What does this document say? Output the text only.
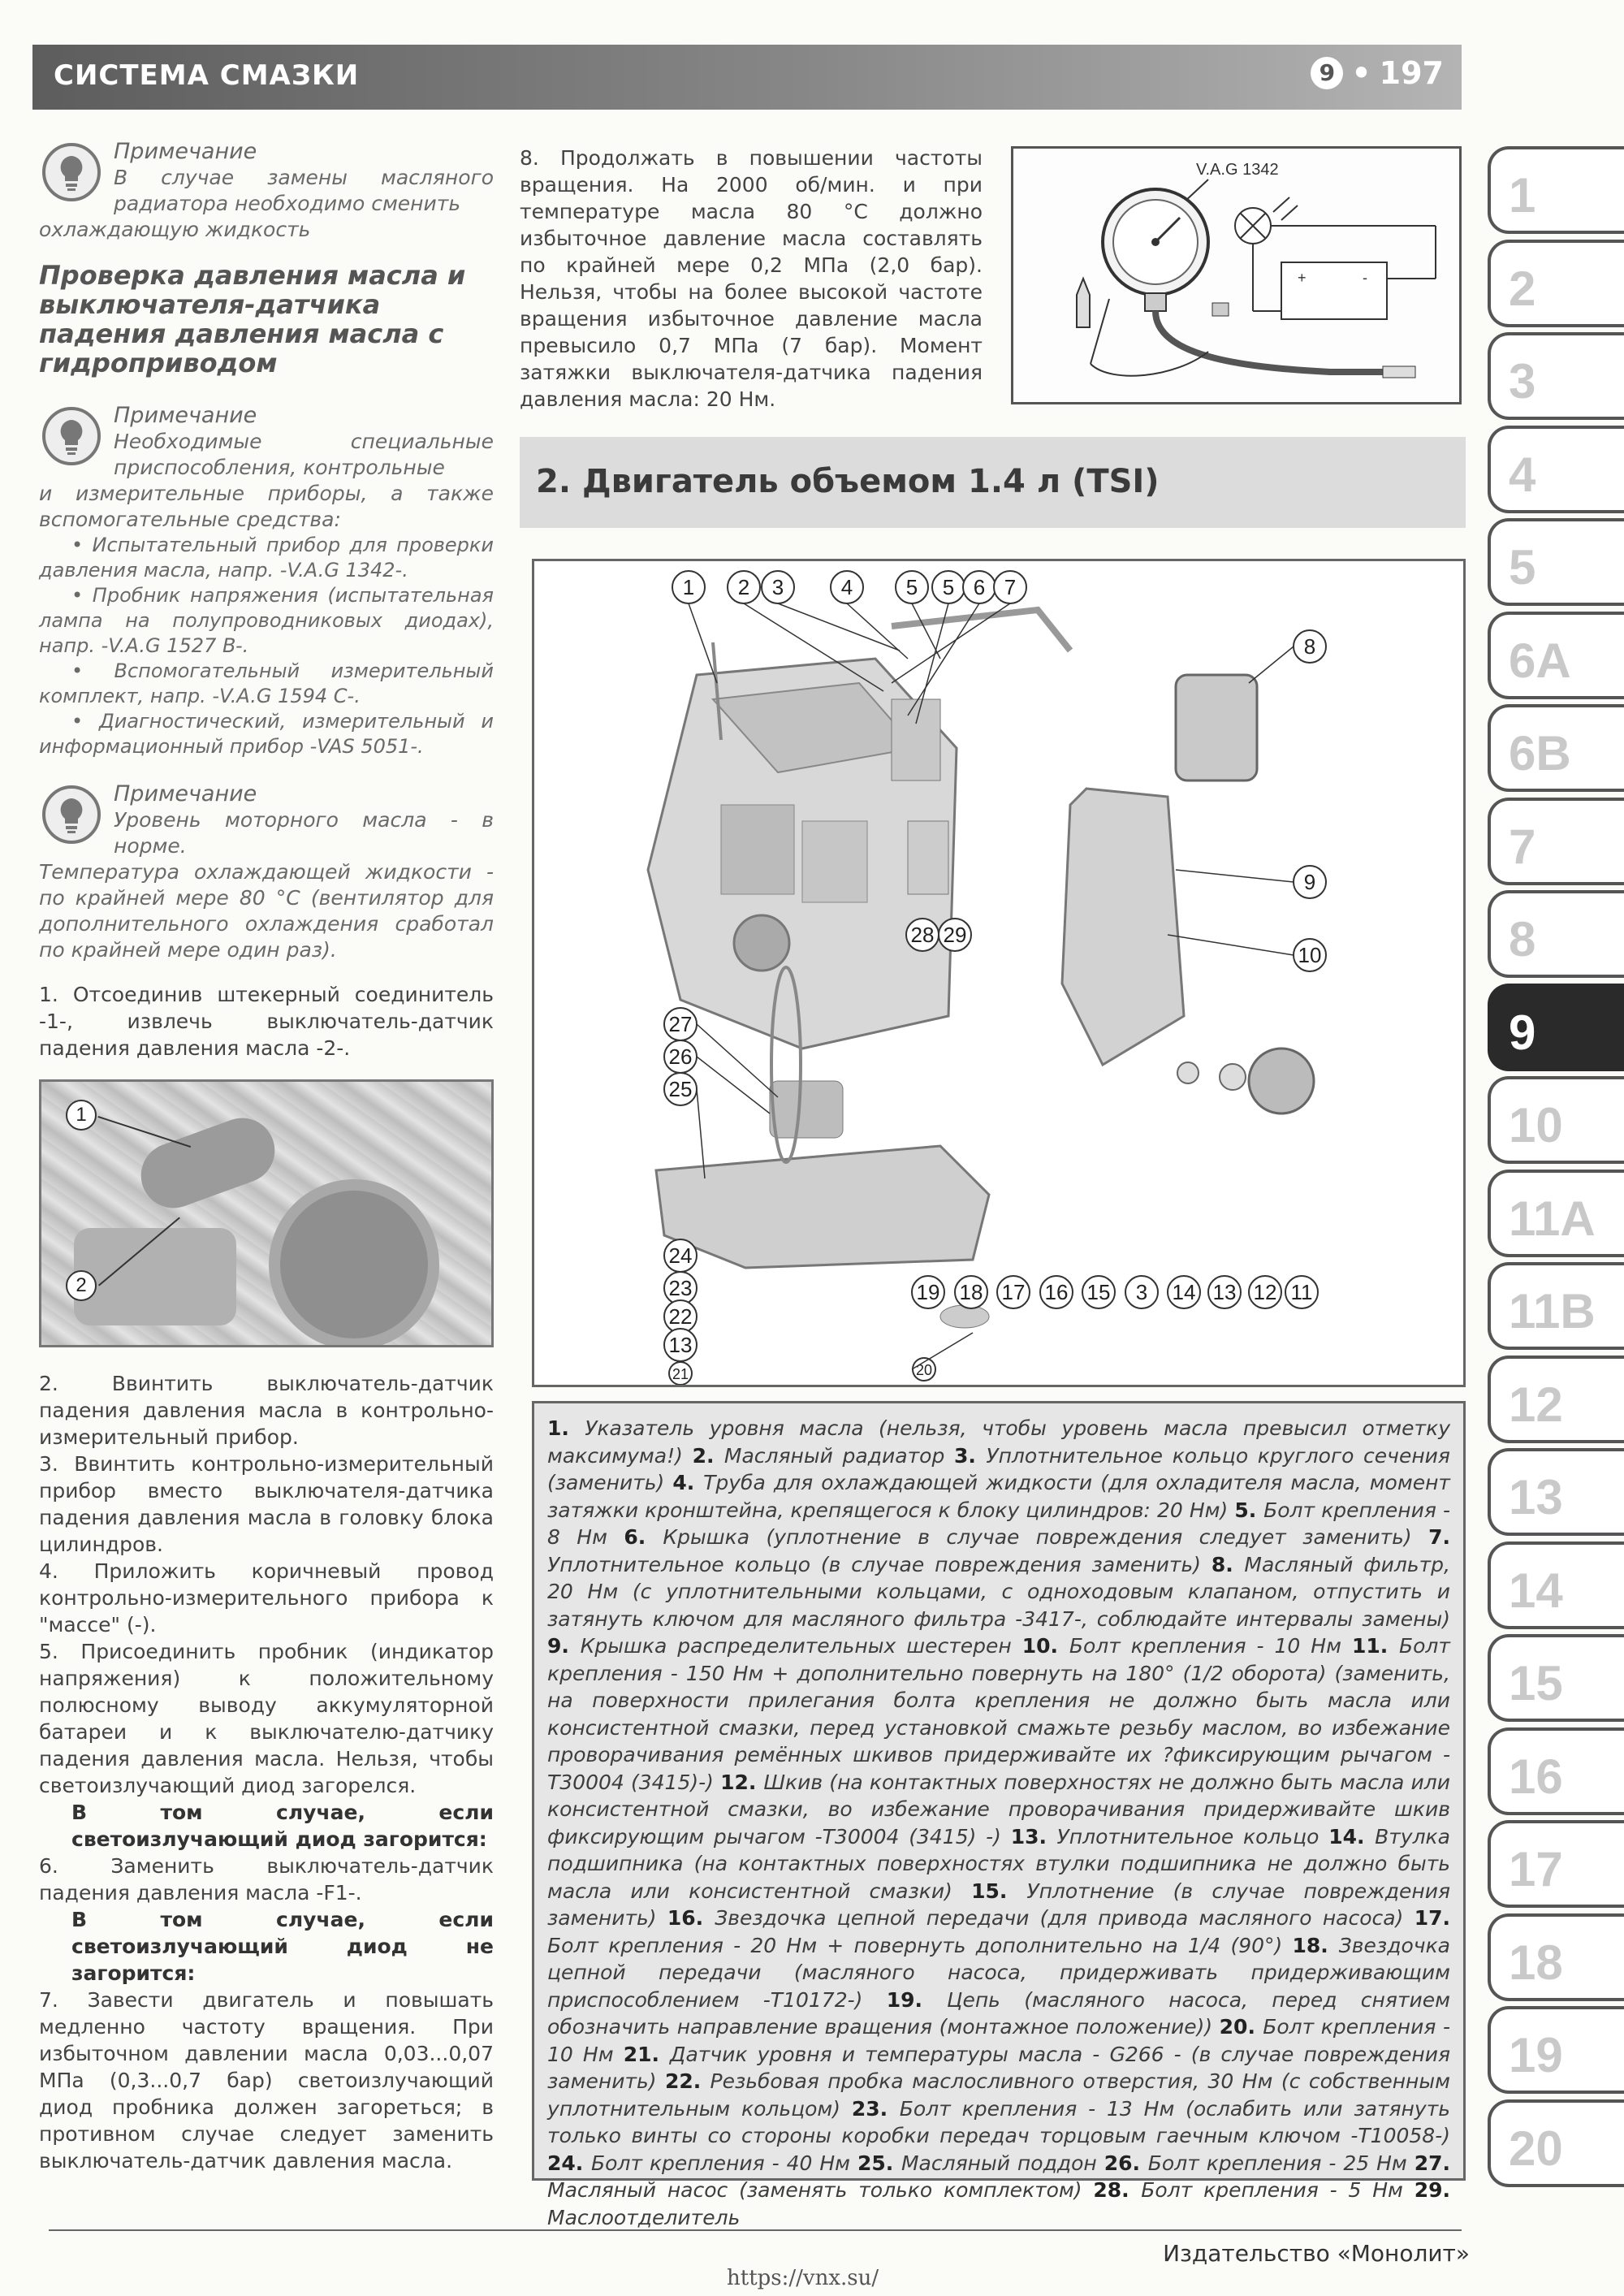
СИСТЕМА СМАЗКИ	9 • 197
Примечание
В случае замены масляного радиатора необходимо сменить
охлаждающую жидкость
Проверка давления масла и выключателя-датчика падения давления масла с гидроприводом
Примечание
Необходимые специальные приспособления, контрольные
и измерительные приборы, а также вспомогательные средства:
• Испытательный прибор для проверки давления масла, напр. -V.A.G 1342-.
• Пробник напряжения (испытательная лампа на полупроводниковых диодах), напр. -V.A.G 1527 B-.
• Вспомогательный измерительный комплект, напр. -V.A.G 1594 C-.
• Диагностический, измерительный и информационный прибор -VAS 5051-.
Примечание
Уровень моторного масла - в норме.
Температура охлаждающей жидкости - по крайней мере 80 °C (вентилятор для дополнительного охлаждения сработал по крайней мере один раз).
1. Отсоединив штекерный соединитель -1-, извлечь выключатель-датчик падения давления масла -2-.
1
2
2. Ввинтить выключатель-датчик падения давления масла в контрольно-измерительный прибор.
3. Ввинтить контрольно-измерительный прибор вместо выключателя-датчика падения давления масла в головку блока цилиндров.
4. Приложить коричневый провод контрольно-измерительного прибора к "массе" (-).
5. Присоединить пробник (индикатор напряжения) к положительному полюсному выводу аккумуляторной батареи и к выключателю-датчику падения давления масла. Нельзя, чтобы светоизлучающий диод загорелся.
В том случае, если светоизлучающий диод загорится:
6. Заменить выключатель-датчик падения давления масла -F1-.
В том случае, если светоизлучающий диод не загорится:
7. Завести двигатель и повышать медленно частоту вращения. При избыточном давлении масла 0,03...0,07 МПа (0,3...0,7 бар) светоизлучающий диод пробника должен загореться; в противном случае следует заменить выключатель-датчик давления масла.
8. Продолжать в повышении частоты вращения. На 2000 об/мин. и при температуре масла 80 °C должно избыточное давление масла составлять по крайней мере 0,2 МПа (2,0 бар). Нельзя, чтобы на более высокой частоте вращения избыточное давление масла превысило 0,7 МПа (7 бар). Момент затяжки выключателя-датчика падения давления масла: 20 Нм.
V.A.G 1342
+	-
2. Двигатель объемом 1.4 л (TSI)
1 2 3	4	5 5 6 7
8
9
10
28 29
19 18 17 16 15 3 14 13 12 11
27
26
25
24
23
22
13
21	20
1. Указатель уровня масла (нельзя, чтобы уровень масла превысил отметку максимума!) 2. Масляный радиатор 3. Уплотнительное кольцо круглого сечения (заменить) 4. Труба для охлаждающей жидкости (для охладителя масла, момент затяжки кронштейна, крепящегося к блоку цилиндров: 20 Нм) 5. Болт крепления - 8 Нм 6. Крышка (уплотнение в случае повреждения следует заменить) 7. Уплотнительное кольцо (в случае повреждения заменить) 8. Масляный фильтр, 20 Нм (с уплотнительными кольцами, с одноходовым клапаном, отпустить и затянуть ключом для масляного фильтра -3417-, соблюдайте интервалы замены) 9. Крышка распределительных шестерен 10. Болт крепления - 10 Нм 11. Болт крепления - 150 Нм + дополнительно повернуть на 180° (1/2 оборота) (заменить, на поверхности прилегания болта крепления не должно быть масла или консистентной смазки, перед установкой смажьте резьбу маслом, во избежание проворачивания ремённых шкивов придерживайте их ?фиксирующим рычагом -T30004 (3415)-) 12. Шкив (на контактных поверхностях не должно быть масла или консистентной смазки, во избежание проворачивания придерживайте шкив фиксирующим рычагом -T30004 (3415) -) 13. Уплотнительное кольцо 14. Втулка подшипника (на контактных поверхностях втулки подшипника не должно быть масла или консистентной смазки) 15. Уплотнение (в случае повреждения заменить) 16. Звездочка цепной передачи (для привода масляного насоса) 17. Болт крепления - 20 Нм + повернуть дополнительно на 1/4 (90°) 18. Звездочка цепной передачи (масляного насоса, придерживать придерживающим приспособлением -T10172-) 19. Цепь (масляного насоса, перед снятием обозначить направление вращения (монтажное положение)) 20. Болт крепления - 10 Нм 21. Датчик уровня и температуры масла - G266 - (в случае повреждения заменить) 22. Резьбовая пробка маслосливного отверстия, 30 Нм (с собственным уплотнительным кольцом) 23. Болт крепления - 13 Нм (ослабить или затянуть только винты со стороны коробки передач торцовым гаечным ключом -T10058-) 24. Болт крепления - 40 Нм 25. Масляный поддон 26. Болт крепления - 25 Нм 27. Масляный насос (заменять только комплектом) 28. Болт крепления - 5 Нм 29. Маслоотделитель
1
2
3
4
5
6A
6B
7
8
9
10
11A
11B
12
13
14
15
16
17
18
19
20
Издательство «Монолит»
https://vnx.su/
